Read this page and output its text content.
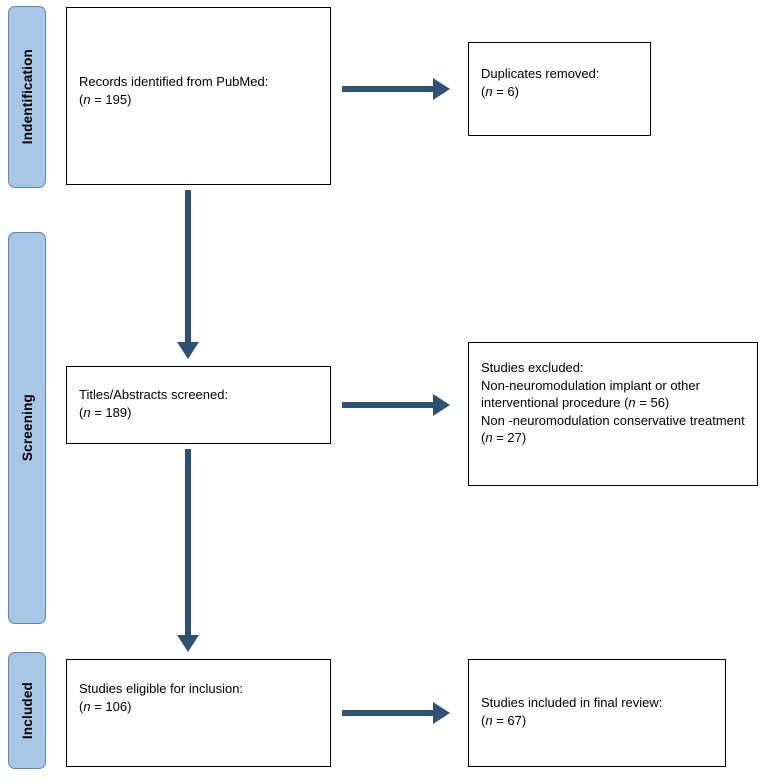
Indentification
Screening
Included
Records identified from PubMed:
(n = 195)
Duplicates removed:
(n = 6)
Titles/Abstracts screened:
(n = 189)
Studies excluded:
Non-neuromodulation implant or other interventional procedure (n = 56)
Non -neuromodulation conservative treatment (n = 27)
Studies eligible for inclusion:
(n = 106)	Studies included in final review:
(n = 67)
